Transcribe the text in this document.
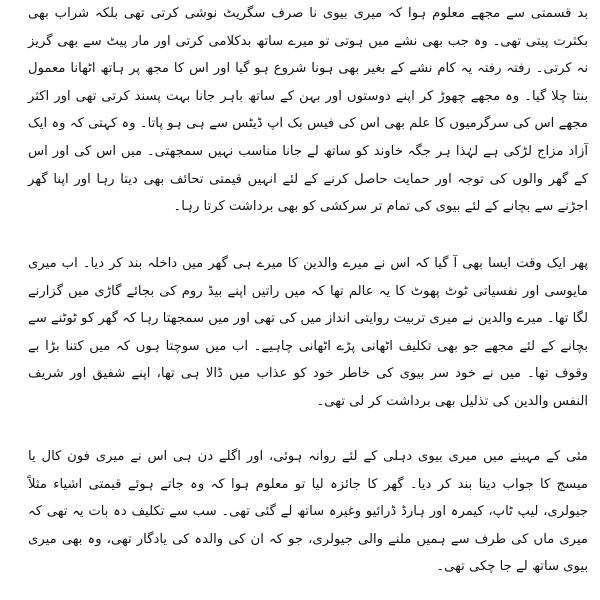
بد قسمتی سے مجھے معلوم ہوا کہ میری بیوی نا صرف سگریٹ نوشی کرتی تھی بلکہ شراب بھی بکثرت پیتی تھی۔ وہ جب بھی نشے میں ہوتی تو میرے ساتھ بدکلامی کرتی اور مار پیٹ سے بھی گریز نہ کرتی۔ رفتہ رفتہ یہ کام نشے کے بغیر بھی ہونا شروع ہو گیا اور اس کا مجھ پر ہاتھ اٹھانا معمول بنتا چلا گیا۔ وہ مجھے چھوڑ کر اپنے دوستوں اور بہن کے ساتھ باہر جانا بہت پسند کرتی تھی اور اکثر مجھے اس کی سرگرمیوں کا علم بھی اس کی فیس بک اپ ڈیٹس سے ہی ہو پاتا۔ وہ کہتی کہ وہ ایک آزاد مزاج لڑکی ہے لہٰذا ہر جگہ خاوند کو ساتھ لے جانا مناسب نہیں سمجھتی۔ میں اس کی اور اس کے گھر والوں کی توجہ اور حمایت حاصل کرنے کے لئے انہیں قیمتی تحائف بھی دیتا رہا اور اپنا گھر اجڑنے سے بچانے کے لئے بیوی کی تمام تر سرکشی کو بھی برداشت کرتا رہا۔

پھر ایک وقت ایسا بھی آ گیا کہ اس نے میرے والدین کا میرے ہی گھر میں داخلہ بند کر دیا۔ اب میری مایوسی اور نفسیاتی ٹوٹ پھوٹ کا یہ عالم تھا کہ میں راتیں اپنے بیڈ روم کی بجائے گاڑی میں گزارنے لگا تھا۔ میرے والدین نے میری تربیت روایتی انداز میں کی تھی اور میں سمجھتا رہا کہ گھر کو ٹوٹنے سے بچانے کے لئے مجھے جو بھی تکلیف اٹھانی پڑے اٹھانی چاہیے۔ اب میں سوچتا ہوں کہ میں کتنا بڑا بے وقوف تھا۔ میں نے خود سر بیوی کی خاطر خود کو عذاب میں ڈالا ہی تھا، اپنے شفیق اور شریف النفس والدین کی تذلیل بھی برداشت کر لی تھی۔

مئی کے مہینے میں میری بیوی دہلی کے لئے روانہ ہوئی، اور اگلے دن ہی اس نے میری فون کال یا میسج کا جواب دینا بند کر دیا۔ گھر کا جائزہ لیا تو معلوم ہوا کہ وہ جاتے ہوئے قیمتی اشیاء مثلاً جیولری، لیپ ٹاپ، کیمرہ اور ہارڈ ڈرائیو وغیرہ ساتھ لے گئی تھی۔ سب سے تکلیف دہ بات یہ تھی کہ میری ماں کی طرف سے ہمیں ملنے والی جیولری، جو کہ ان کی والدہ کی یادگار تھی، وہ بھی میری بیوی ساتھ لے جا چکی تھی۔
